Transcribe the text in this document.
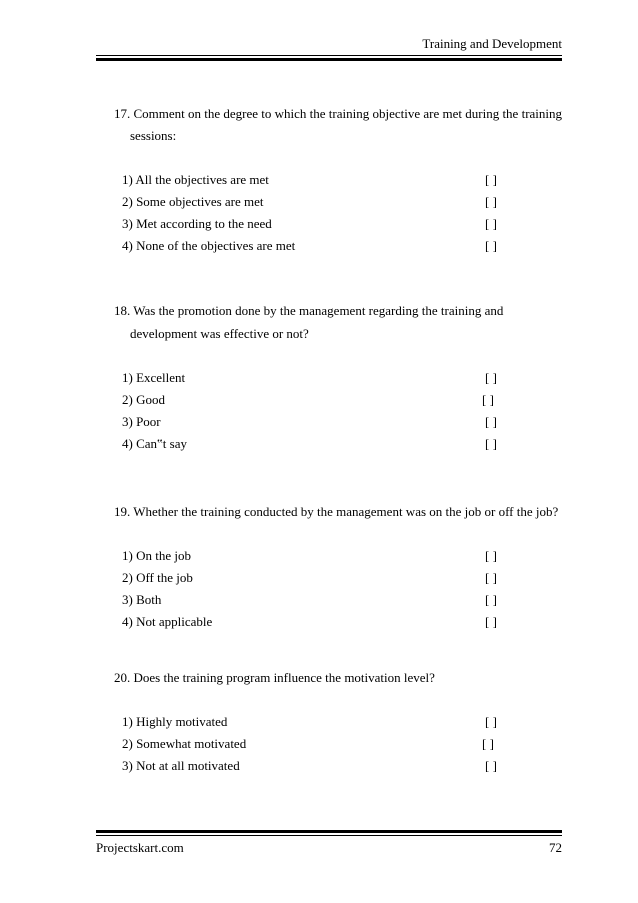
Training and Development
17. Comment on the degree to which the training objective are met during the training
sessions:
1) All the objectives are met	[ ]
2) Some objectives are met	[ ]
3) Met according to the need	[ ]
4) None of the objectives are met	[ ]
18. Was the promotion done by the management regarding the training and
development was effective or not?
1) Excellent	[ ]
2) Good	[ ]
3) Poor	[ ]
4) Can‟t say	[ ]
19. Whether the training conducted by the management was on the job or off the job?
1) On the job	[ ]
2) Off the job	[ ]
3) Both	[ ]
4) Not applicable	[ ]
20. Does the training program influence the motivation level?
1) Highly motivated	[ ]
2) Somewhat motivated	[ ]
3) Not at all motivated	[ ]
Projectskart.com	72
